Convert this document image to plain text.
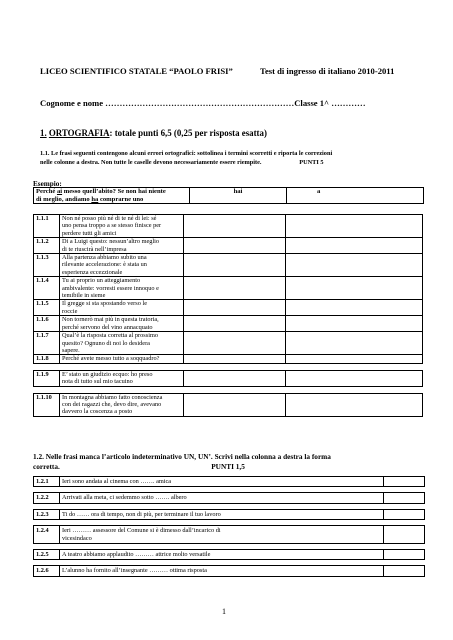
LICEO SCIENTIFICO STATALE “PAOLO FRISI”	Test di ingresso di italiano 2010-2011
Cognome e nome …………………………………………………………Classe 1^ …………
1. ORTOGRAFIA: totale punti 6,5 (0,25 per risposta esatta)
1.1. Le frasi seguenti contengono alcuni errori ortografici: sottolinea i termini scorretti e riporta le correzioni
nelle colonne a destra. Non tutte le caselle devono necessariamente essere riempite.                        PUNTI 5
Esempio:
Perché ai messo quell’abito? Se non hai niente
di meglio, andiamo ha comprarne uno
hai	a
1.1.1	Non né posso più né di te né di lei: sé
uno pensa troppo a se stesso finisce per
perdere tutti gli amici		

1.1.2	Di a Luigi questo: nessun’altro meglio
di te riuscirà nell’impresa		

1.1.3	Alla partenza abbiamo subito una
rilevante accelerazione: è stata un
esperienza eccezzionale		

1.1.4	Tu ai proprio un atteggiamento
ambivalente: vorresti essere innoquo e
temibile in sieme		

1.1.5	Il gregge si sta spostando verso le
roccie		

1.1.6	Non tornerò mai più in questa tratoria,
perché servono del vino annacquato		

1.1.7	Qual’è la risposta corretta al prossimo
quesito? Ognuno di noi lo desidera
sapere.		

1.1.8	Perché avete messo tutto a soqquadro?		

1.1.9	E’ stato un giudizio ecquo: ho preso
nota di tutto sul mio tacuino		

1.1.10	In montagna abbiamo fatto conoscienza
con dei ragazzi che, devo dire, avevano
davvero la coscenza a posto		

1.2. Nelle frasi manca l’articolo indeterminativo UN, UN’. Scrivi nella colonna a destra la forma
corretta.                                                                                   PUNTI 1,5
1.2.1	Ieri sono andata al cinema con ……. amica	

1.2.2	Arrivati alla meta, ci sedemmo sotto ……. albero	

1.2.3	Ti do …… ora di tempo, non di più, per terminare il tuo lavoro	

1.2.4	Ieri ……… assessore del Comune si è dimesso dall’incarico di
vicesindaco	

1.2.5	A teatro abbiamo applaudito ……… attrice molto versatile	

1.2.6	L’alunno ha fornito all’insegnante ……… ottima risposta	

1
